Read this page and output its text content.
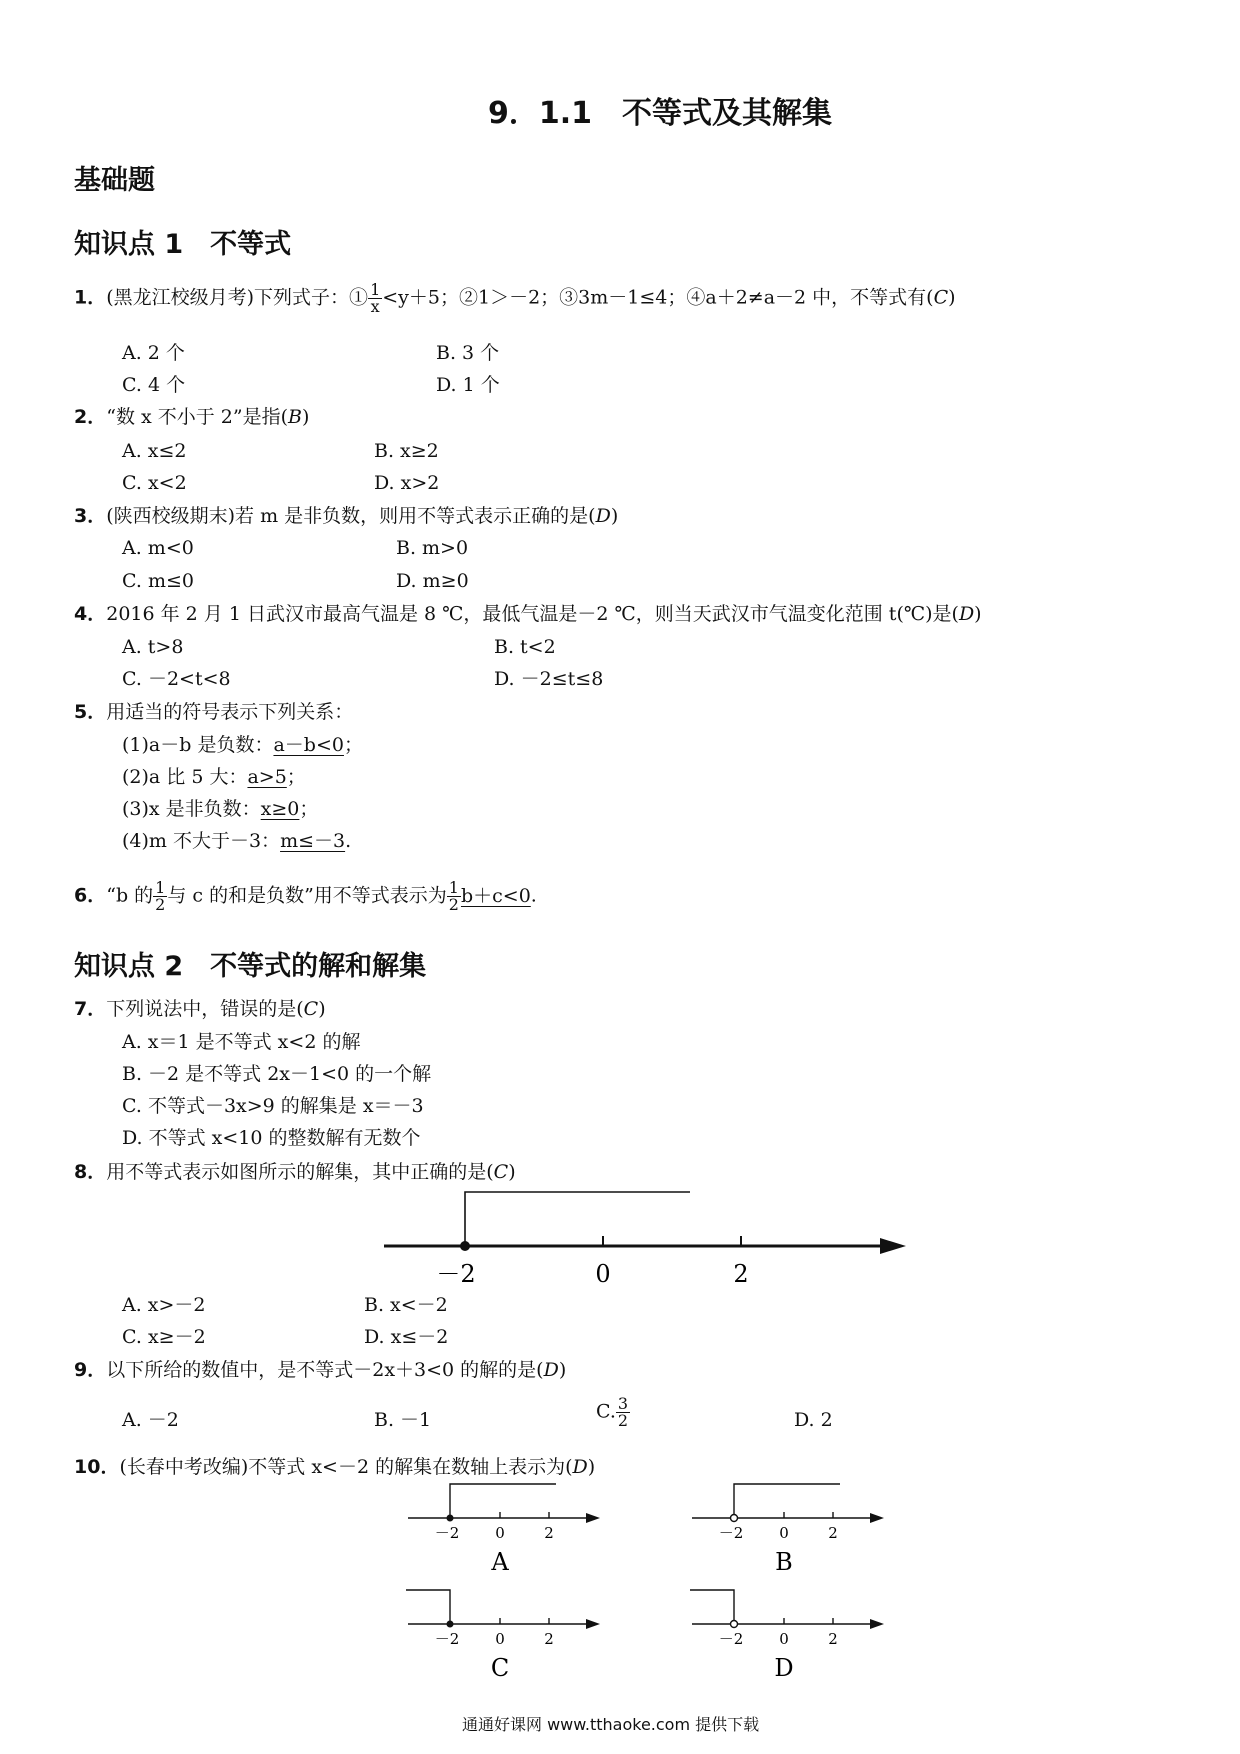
9．1.1　不等式及其解集
基础题
知识点 1　不等式
1．(黑龙江校级月考)下列式子：① $\frac{1}{x} <y+5$；②1＞－2；③3m－1≤4；④a＋2≠a－2 中，不等式有(C)
A. 2 个	B. 3 个
C. 4 个	D. 1 个
2．“数 x 不小于 2”是指(B)
A. x≤2	B. x≥2
C. x<2	D. x>2
3．(陕西校级期末)若 m 是非负数，则用不等式表示正确的是(D)
A. m<0	B. m>0
C. m≤0	D. m≥0
4．2016 年 2 月 1 日武汉市最高气温是 8 ℃，最低气温是－2 ℃，则当天武汉市气温变化范围 t(℃)是(D)
A. t>8	B. t<2
C. －2<t<8	D. －2≤t≤8
5．用适当的符号表示下列关系：
(1)a－b 是负数：a－b<0；
(2)a 比 5 大：a>5；
(3)x 是非负数：x≥0；
(4)m 不大于－3：m≤－3.
6．“b 的 $\frac{1}{2}$ 与 c 的和是负数”用不等式表示为 $\frac{1}{2} b+c<0$.
知识点 2　不等式的解和解集
7．下列说法中，错误的是(C)
A. x＝1 是不等式 x<2 的解
B. －2 是不等式 2x－1<0 的一个解
C. 不等式－3x>9 的解集是 x＝－3
D. 不等式 x<10 的整数解有无数个
8．用不等式表示如图所示的解集，其中正确的是(C)
－2	0	2
A. x>－2	B. x<－2
C. x≥－2	D. x≤－2
9．以下所给的数值中，是不等式－2x＋3<0 的解的是(D)
A. －2	B. －1	C. $\frac{3}{2}$	D. 2
10．(长春中考改编)不等式 x<－2 的解集在数轴上表示为(D)
－2 0	2
A
－2 0	2
B
－2 0	2
C
－2 0	2
D
通通好课网 www.tthaoke.com 提供下载
